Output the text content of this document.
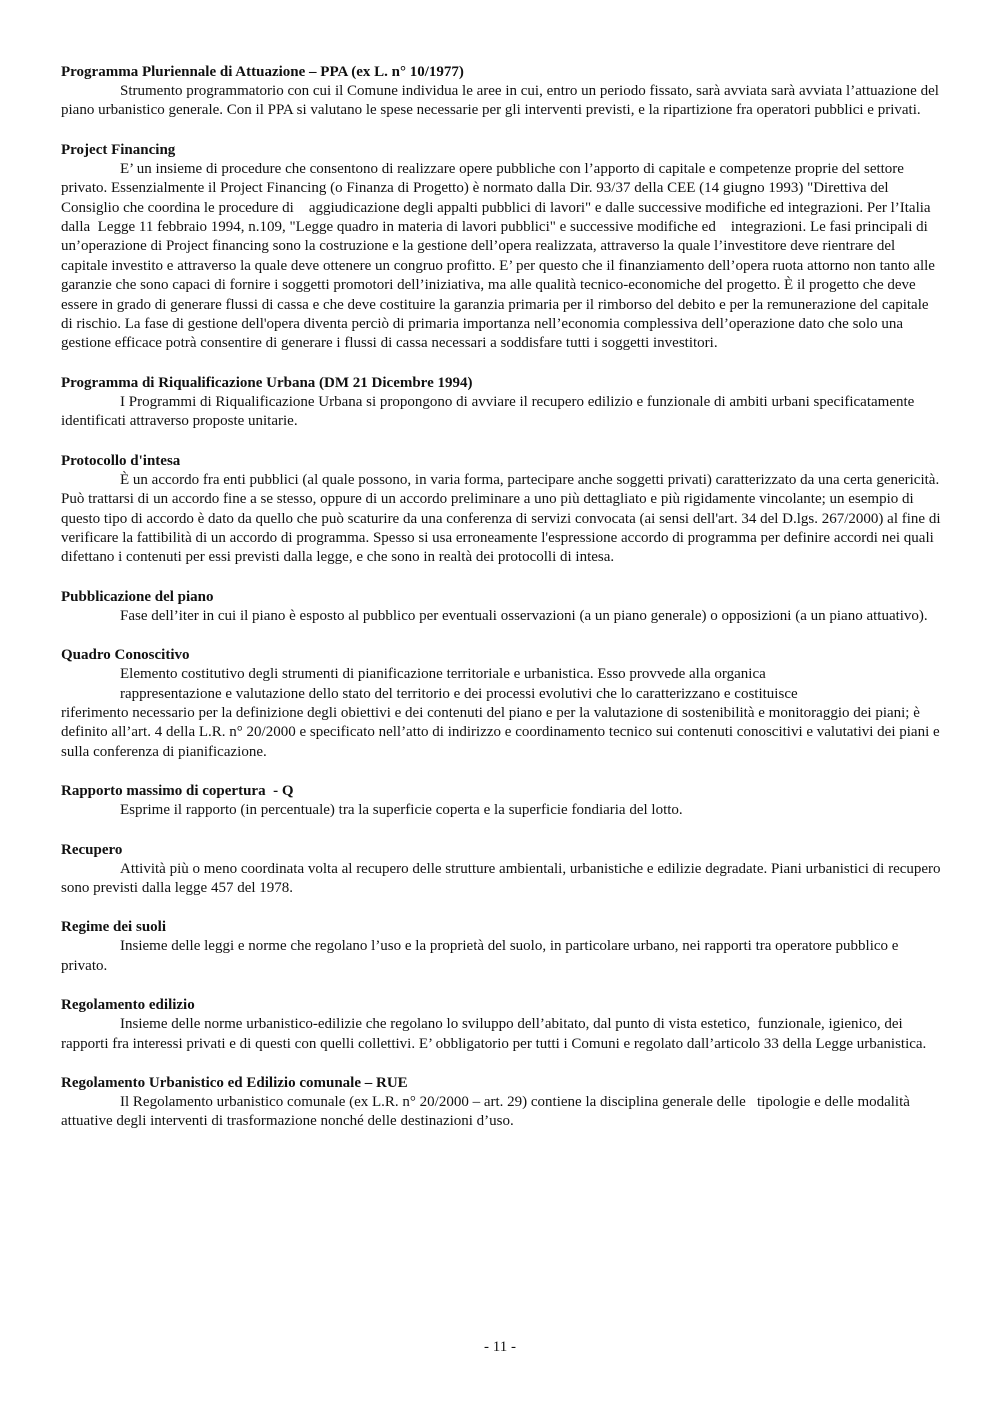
Programma Pluriennale di Attuazione – PPA (ex L. n° 10/1977)

Strumento programmatorio con cui il Comune individua le aree in cui, entro un periodo fissato, sarà avviata sarà avviata l’attuazione del piano urbanistico generale. Con il PPA si valutano le spese necessarie per gli interventi previsti, e la ripartizione fra operatori pubblici e privati.

Project Financing

E’ un insieme di procedure che consentono di realizzare opere pubbliche con l’apporto di capitale e competenze proprie del settore privato. Essenzialmente il Project Financing (o Finanza di Progetto) è normato dalla Dir. 93/37 della CEE (14 giugno 1993) "Direttiva del Consiglio che coordina le procedure di    aggiudicazione degli appalti pubblici di lavori" e dalle successive modifiche ed integrazioni. Per l’Italia dalla  Legge 11 febbraio 1994, n.109, "Legge quadro in materia di lavori pubblici" e successive modifiche ed    integrazioni. Le fasi principali di un’operazione di Project financing sono la costruzione e la gestione dell’opera realizzata, attraverso la quale l’investitore deve rientrare del capitale investito e attraverso la quale deve ottenere un congruo profitto. E’ per questo che il finanziamento dell’opera ruota attorno non tanto alle garanzie che sono capaci di fornire i soggetti promotori dell’iniziativa, ma alle qualità tecnico-economiche del progetto. È il progetto che deve essere in grado di generare flussi di cassa e che deve costituire la garanzia primaria per il rimborso del debito e per la remunerazione del capitale di rischio. La fase di gestione dell'opera diventa perciò di primaria importanza nell’economia complessiva dell’operazione dato che solo una gestione efficace potrà consentire di generare i flussi di cassa necessari a soddisfare tutti i soggetti investitori.

Programma di Riqualificazione Urbana (DM 21 Dicembre 1994)

I Programmi di Riqualificazione Urbana si propongono di avviare il recupero edilizio e funzionale di ambiti urbani specificatamente identificati attraverso proposte unitarie.

Protocollo d'intesa

È un accordo fra enti pubblici (al quale possono, in varia forma, partecipare anche soggetti privati) caratterizzato da una certa genericità. Può trattarsi di un accordo fine a se stesso, oppure di un accordo preliminare a uno più dettagliato e più rigidamente vincolante; un esempio di questo tipo di accordo è dato da quello che può scaturire da una conferenza di servizi convocata (ai sensi dell'art. 34 del D.lgs. 267/2000) al fine di verificare la fattibilità di un accordo di programma. Spesso si usa erroneamente l'espressione accordo di programma per definire accordi nei quali difettano i contenuti per essi previsti dalla legge, e che sono in realtà dei protocolli di intesa.

Pubblicazione del piano

Fase dell’iter in cui il piano è esposto al pubblico per eventuali osservazioni (a un piano generale) o opposizioni (a un piano attuativo).

Quadro Conoscitivo

Elemento costitutivo degli strumenti di pianificazione territoriale e urbanistica. Esso provvede alla organica
rappresentazione e valutazione dello stato del territorio e dei processi evolutivi che lo caratterizzano e costituisce
riferimento necessario per la definizione degli obiettivi e dei contenuti del piano e per la valutazione di sostenibilità e monitoraggio dei piani; è definito all’art. 4 della L.R. n° 20/2000 e specificato nell’atto di indirizzo e coordinamento tecnico sui contenuti conoscitivi e valutativi dei piani e sulla conferenza di pianificazione.

Rapporto massimo di copertura  - Q

Esprime il rapporto (in percentuale) tra la superficie coperta e la superficie fondiaria del lotto.

Recupero

Attività più o meno coordinata volta al recupero delle strutture ambientali, urbanistiche e edilizie degradate. Piani urbanistici di recupero sono previsti dalla legge 457 del 1978.

Regime dei suoli

Insieme delle leggi e norme che regolano l’uso e la proprietà del suolo, in particolare urbano, nei rapporti tra operatore pubblico e privato.

Regolamento edilizio

Insieme delle norme urbanistico-edilizie che regolano lo sviluppo dell’abitato, dal punto di vista estetico,  funzionale, igienico, dei rapporti fra interessi privati e di questi con quelli collettivi. E’ obbligatorio per tutti i Comuni e regolato dall’articolo 33 della Legge urbanistica.

Regolamento Urbanistico ed Edilizio comunale – RUE

Il Regolamento urbanistico comunale (ex L.R. n° 20/2000 – art. 29) contiene la disciplina generale delle   tipologie e delle modalità attuative degli interventi di trasformazione nonché delle destinazioni d’uso.

- 11 -
